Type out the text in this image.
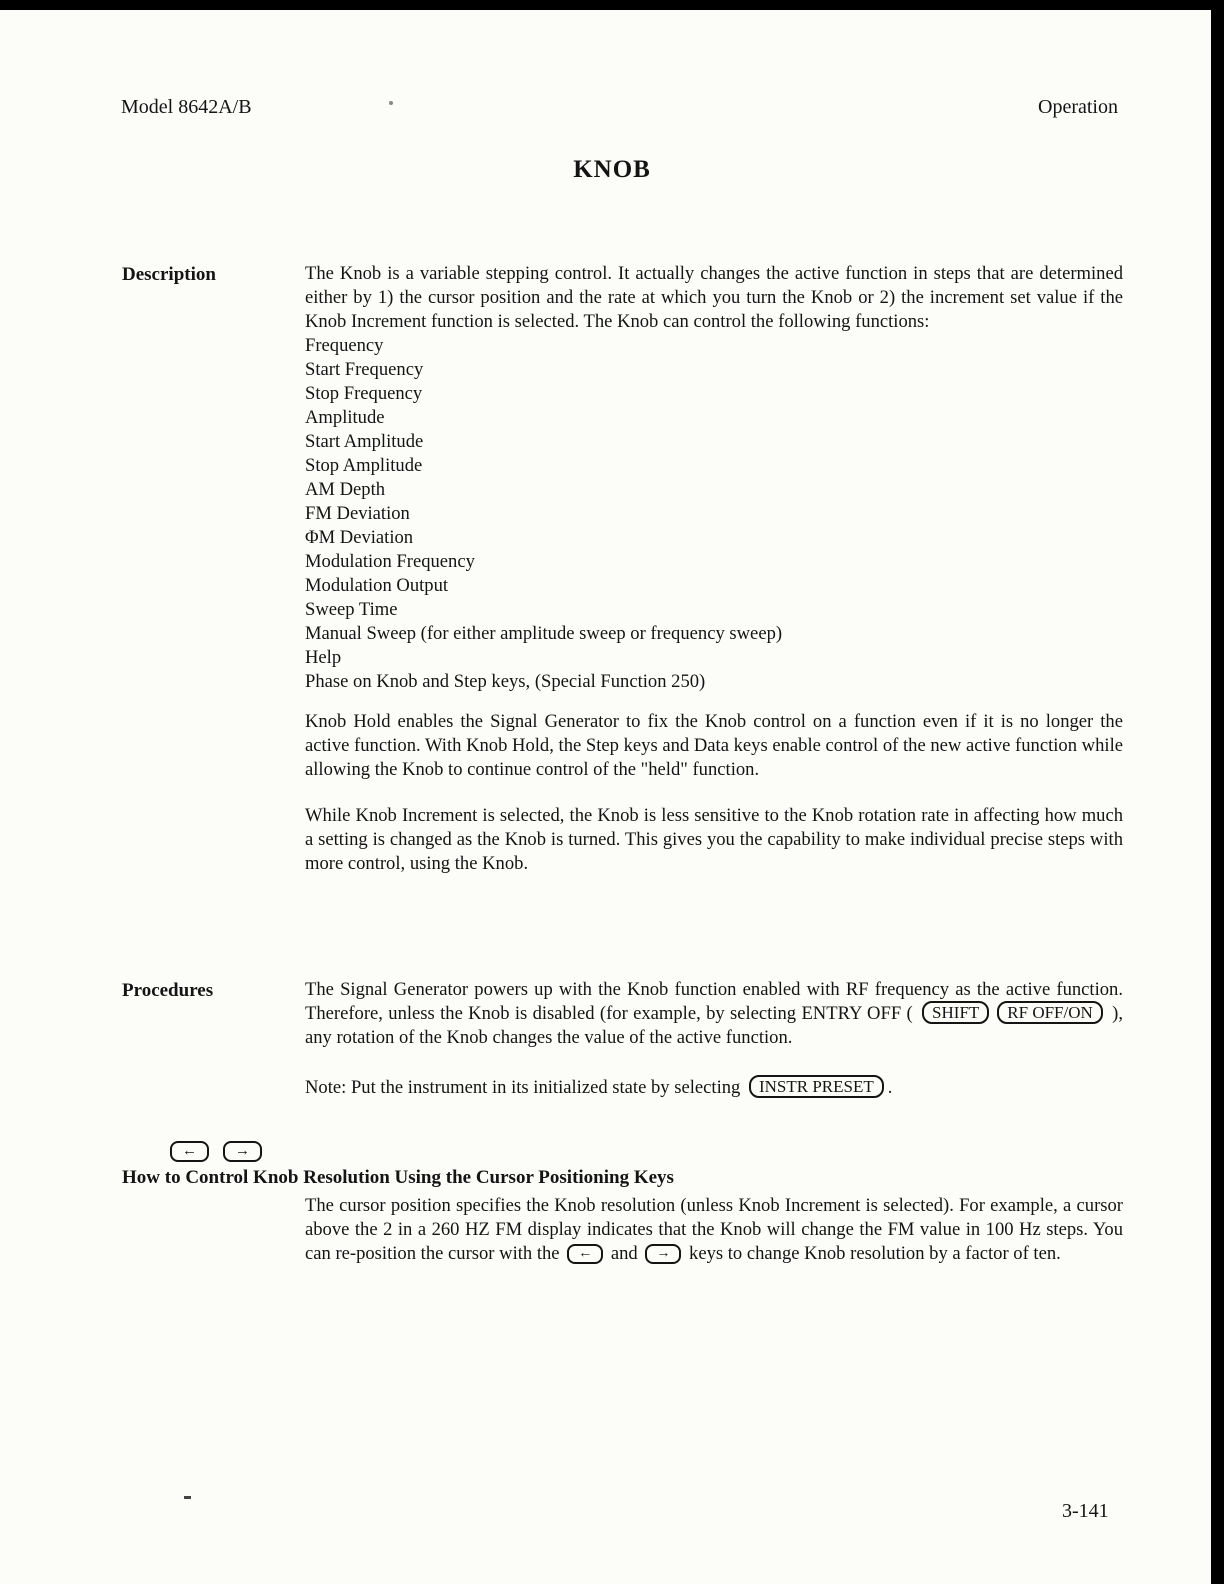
Model 8642A/B	Operation
KNOB
Description	The Knob is a variable stepping control. It actually changes the active function in steps that are determined either by 1) the cursor position and the rate at which you turn the Knob or 2) the increment set value if the Knob Increment function is selected. The Knob can control the following functions:

Frequency
Start Frequency
Stop Frequency
Amplitude
Start Amplitude
Stop Amplitude
AM Depth
FM Deviation
ΦM Deviation
Modulation Frequency
Modulation Output
Sweep Time
Manual Sweep (for either amplitude sweep or frequency sweep)
Help
Phase on Knob and Step keys, (Special Function 250)

Knob Hold enables the Signal Generator to fix the Knob control on a function even if it is no longer the active function. With Knob Hold, the Step keys and Data keys enable control of the new active function while allowing the Knob to continue control of the "held" function.

While Knob Increment is selected, the Knob is less sensitive to the Knob rotation rate in affecting how much a setting is changed as the Knob is turned. This gives you the capability to make individual precise steps with more control, using the Knob.

Procedures	The Signal Generator powers up with the Knob function enabled with RF frequency as the active function. Therefore, unless the Knob is disabled (for example, by selecting ENTRY OFF ( SHIFT RF OFF/ON ), any rotation of the Knob changes the value of the active function.

Note: Put the instrument in its initialized state by selecting INSTR PRESET .

←	→
How to Control Knob Resolution Using the Cursor Positioning Keys

The cursor position specifies the Knob resolution (unless Knob Increment is selected). For example, a cursor above the 2 in a 260 HZ FM display indicates that the Knob will change the FM value in 100 Hz steps. You can re-position the cursor with the ← and → keys to change Knob resolution by a factor of ten.

3-141
